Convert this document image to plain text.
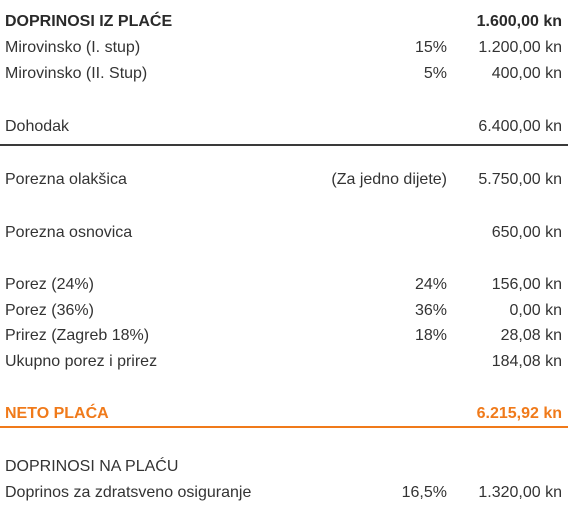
DOPRINOSI IZ PLAĆE	1.600,00 kn
Mirovinsko (I. stup)	15% 1.200,00 kn
Mirovinsko (II. Stup)	5%	400,00 kn
Dohodak	6.400,00 kn
Porezna olakšica	(Za jedno dijete) 5.750,00 kn
Porezna osnovica	650,00 kn
Porez (24%)	24%	156,00 kn
Porez (36%)	36%	0,00 kn
Prirez (Zagreb 18%)	18%	28,08 kn
Ukupno porez i prirez	184,08 kn
NETO PLAĆA	6.215,92 kn
DOPRINOSI NA PLAĆU
Doprinos za zdratsveno osiguranje	16,5% 1.320,00 kn
